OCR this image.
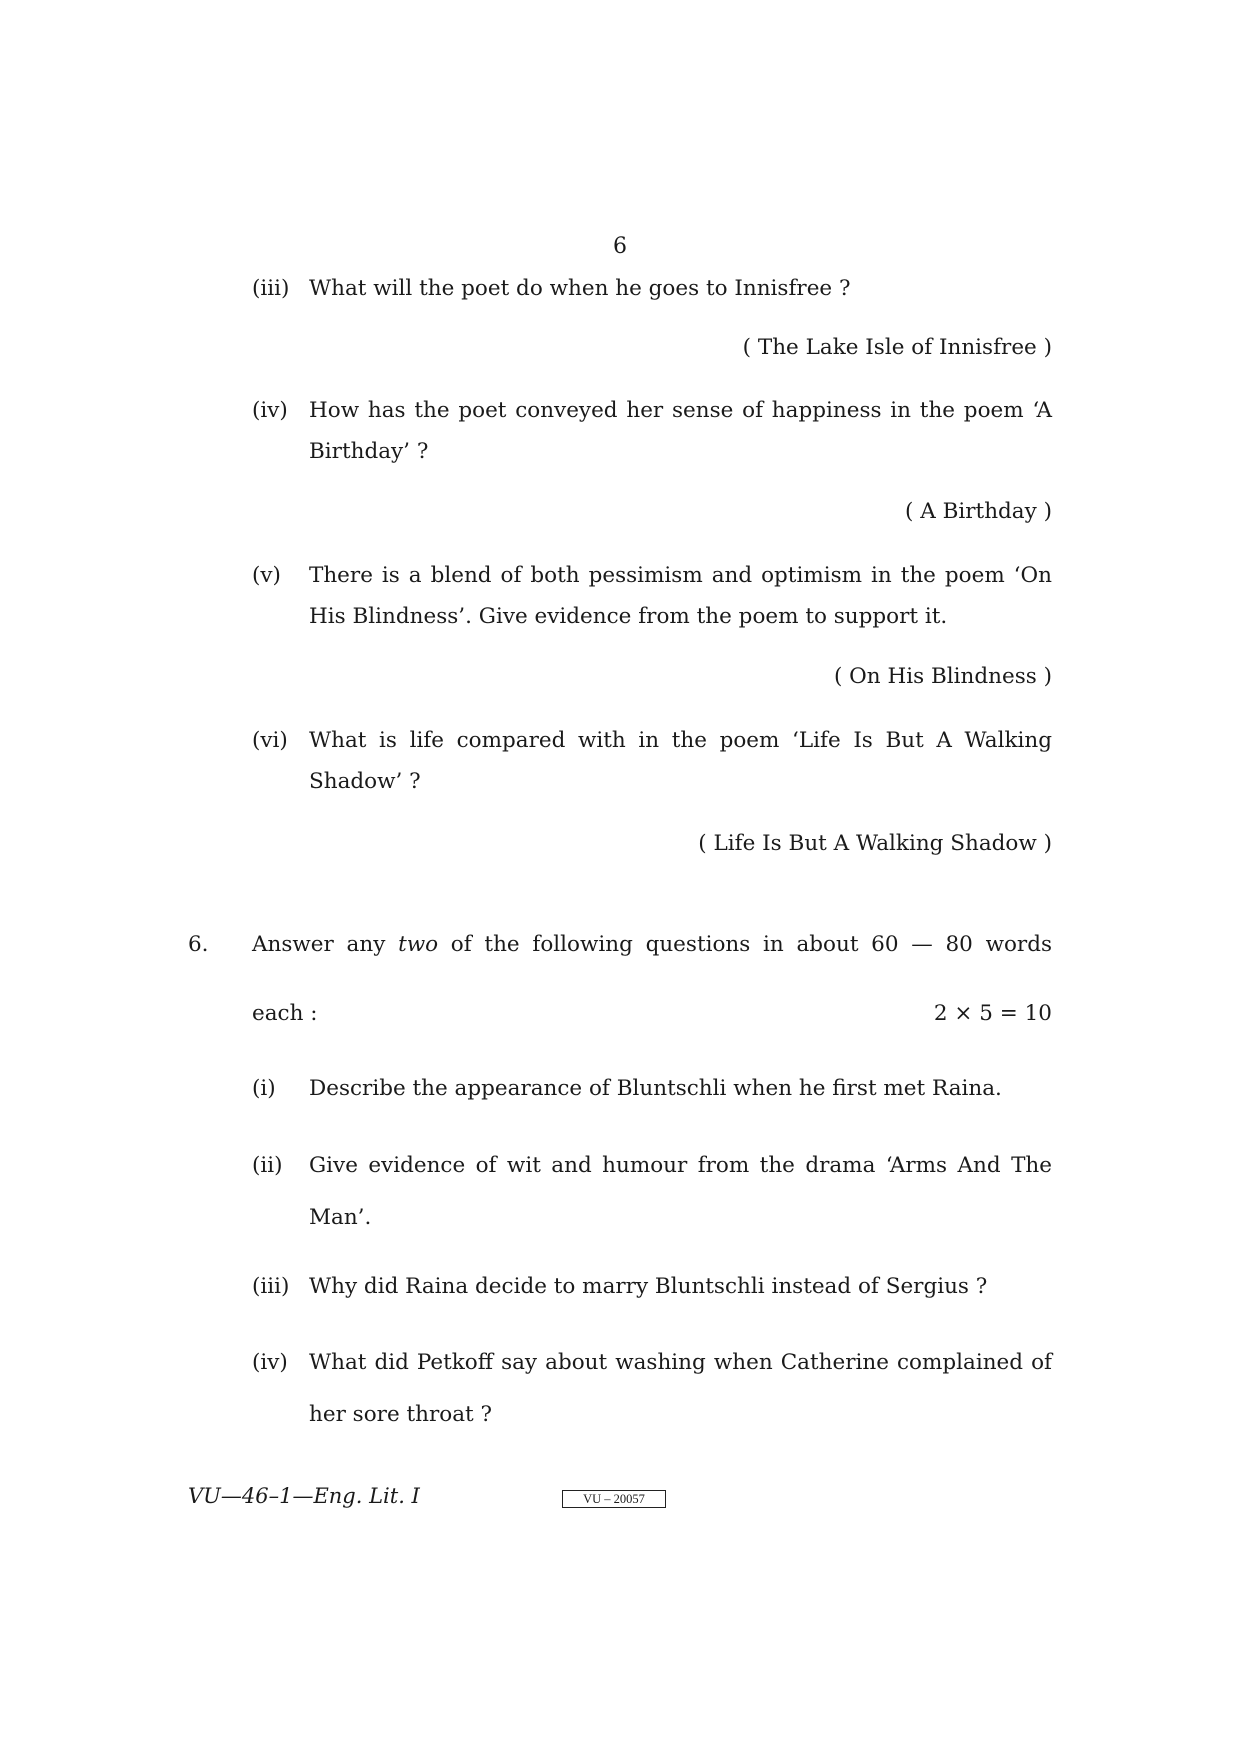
6
(iii) What will the poet do when he goes to Innisfree ?
( The Lake Isle of Innisfree )
(iv) How has the poet conveyed her sense of happiness in the poem ‘A Birthday’ ?
( A Birthday )
(v) There is a blend of both pessimism and optimism in the poem ‘On His Blindness’. Give evidence from the poem to support it.
( On His Blindness )
(vi) What is life compared with in the poem ‘Life Is But A Walking Shadow’ ?
( Life Is But A Walking Shadow )
6. Answer any two of the following questions in about 60 — 80 words
each :	2 × 5 = 10
(i) Describe the appearance of Bluntschli when he first met Raina.
(ii) Give evidence of wit and humour from the drama ‘Arms And The Man’.
(iii) Why did Raina decide to marry Bluntschli instead of Sergius ?
(iv) What did Petkoff say about washing when Catherine complained of her sore throat ?
VU—46–1—Eng. Lit. I	VU – 20057
